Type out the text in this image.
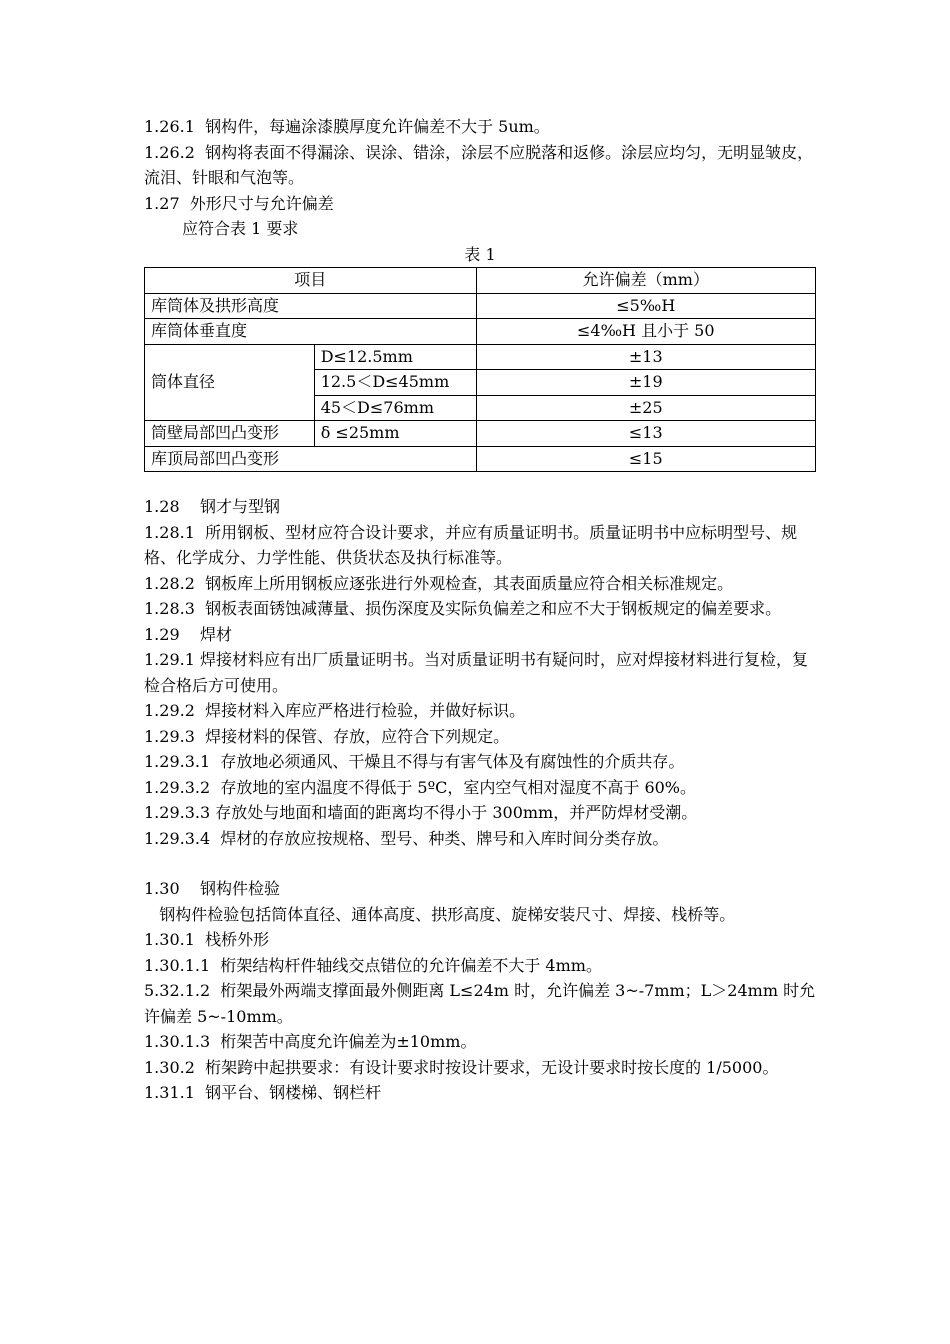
1.26.1  钢构件，每遍涂漆膜厚度允许偏差不大于 5um。

1.26.2  钢构将表面不得漏涂、误涂、错涂，涂层不应脱落和返修。涂层应均匀，无明显皱皮，流泪、针眼和气泡等。

1.27  外形尺寸与允许偏差

应符合表 1 要求

表 1

项目		允许偏差（mm）
库筒体及拱形高度		≤5‰H
库筒体垂直度		≤4‰H 且小于 50
筒体直径	D≤12.5mm	±13
	12.5＜D≤45mm	±19
	45＜D≤76mm	±25
筒壁局部凹凸变形	δ ≤25mm	≤13
库顶局部凹凸变形		≤15

1.28    钢才与型钢

1.28.1  所用钢板、型材应符合设计要求，并应有质量证明书。质量证明书中应标明型号、规格、化学成分、力学性能、供货状态及执行标准等。

1.28.2  钢板库上所用钢板应逐张进行外观检查，其表面质量应符合相关标准规定。

1.28.3  钢板表面锈蚀减薄量、损伤深度及实际负偏差之和应不大于钢板规定的偏差要求。

1.29    焊材

1.29.1 焊接材料应有出厂质量证明书。当对质量证明书有疑问时，应对焊接材料进行复检，复检合格后方可使用。

1.29.2  焊接材料入库应严格进行检验，并做好标识。

1.29.3  焊接材料的保管、存放，应符合下列规定。

1.29.3.1  存放地必须通风、干燥且不得与有害气体及有腐蚀性的介质共存。

1.29.3.2  存放地的室内温度不得低于 5ºC，室内空气相对湿度不高于 60%。

1.29.3.3 存放处与地面和墙面的距离均不得小于 300mm，并严防焊材受潮。

1.29.3.4  焊材的存放应按规格、型号、种类、牌号和入库时间分类存放。

1.30    钢构件检验

钢构件检验包括筒体直径、通体高度、拱形高度、旋梯安装尺寸、焊接、栈桥等。

1.30.1  栈桥外形

1.30.1.1  桁架结构杆件轴线交点错位的允许偏差不大于 4mm。

5.32.1.2  桁架最外两端支撑面最外侧距离 L≤24m 时，允许偏差 3~-7mm；L＞24mm 时允许偏差 5~-10mm。

1.30.1.3  桁架苦中高度允许偏差为±10mm。

1.30.2  桁架跨中起拱要求：有设计要求时按设计要求，无设计要求时按长度的 1/5000。

1.31.1  钢平台、钢楼梯、钢栏杆
